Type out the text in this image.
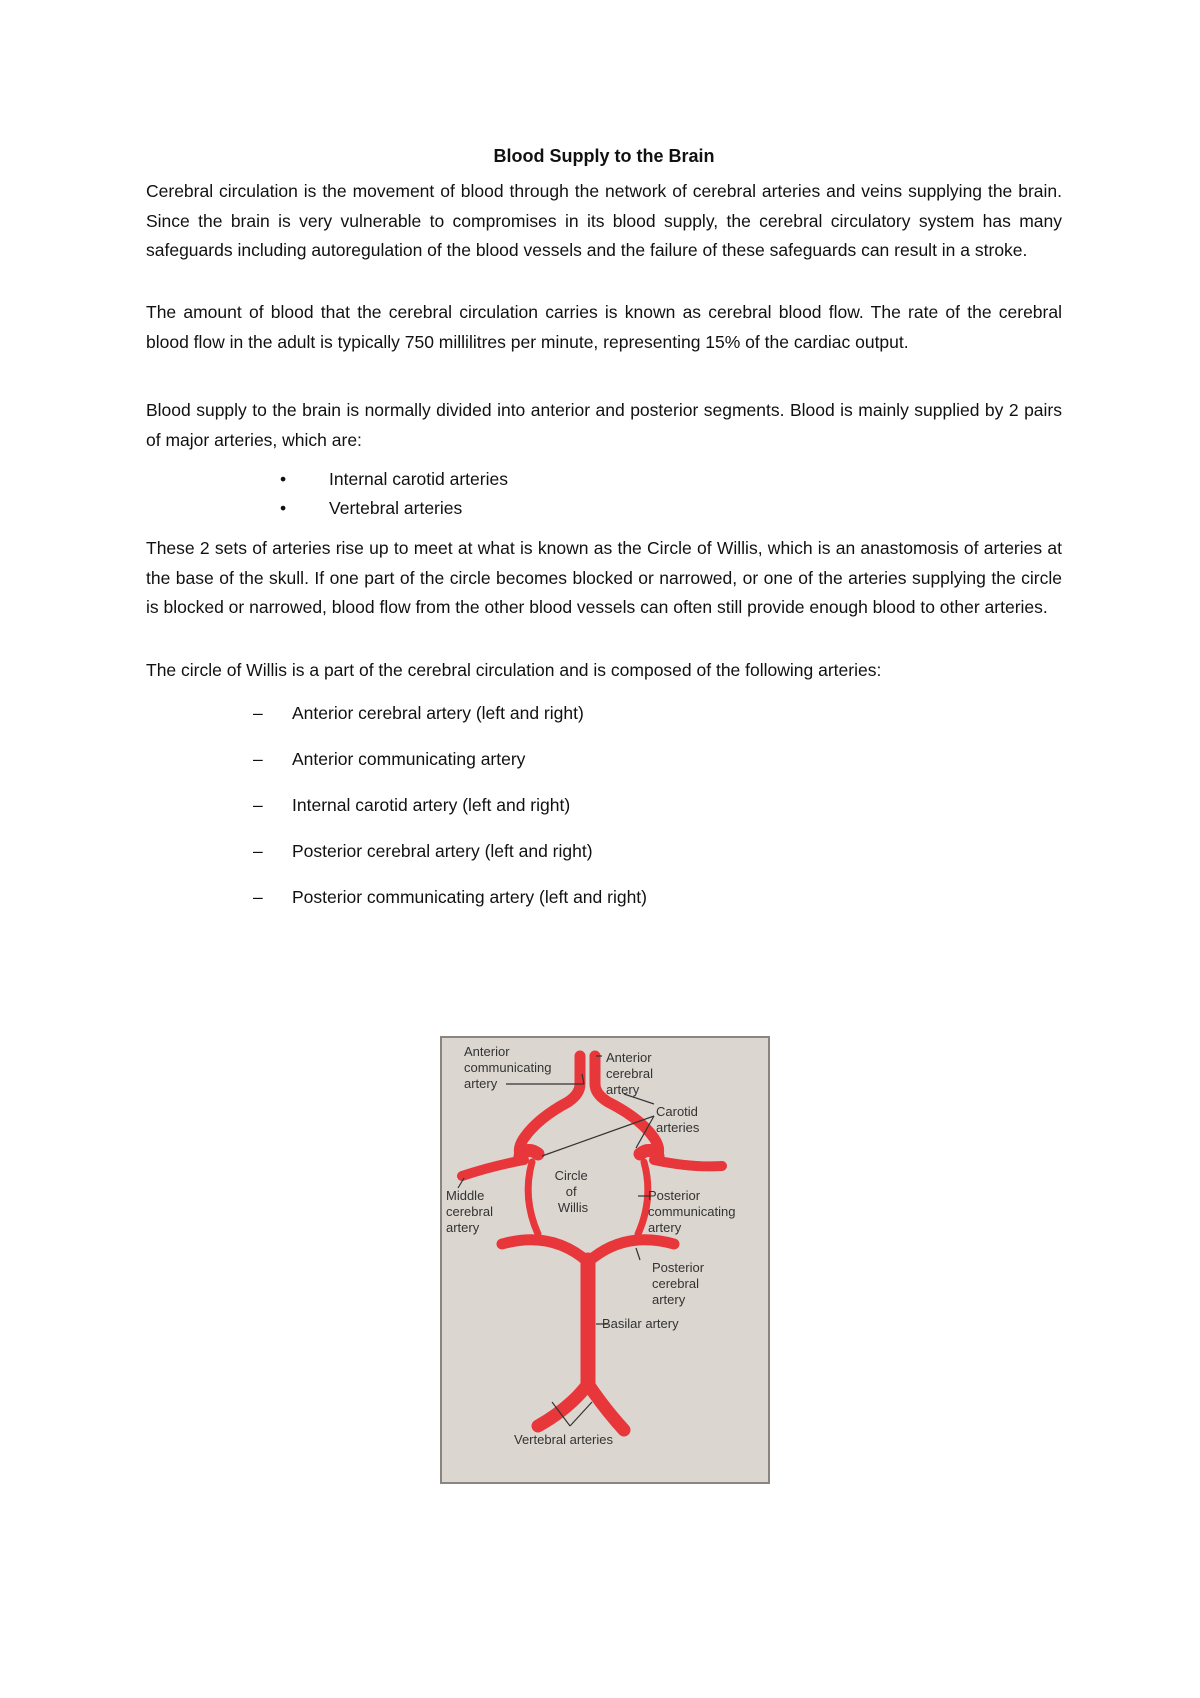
Blood Supply to the Brain

Cerebral circulation is the movement of blood through the network of cerebral arteries and veins supplying the brain. Since the brain is very vulnerable to compromises in its blood supply, the cerebral circulatory system has many safeguards including autoregulation of the blood vessels and the failure of these safeguards can result in a stroke.

The amount of blood that the cerebral circulation carries is known as cerebral blood flow. The rate of the cerebral blood flow in the adult is typically 750 millilitres per minute, representing 15% of the cardiac output.

Blood supply to the brain is normally divided into anterior and posterior segments. Blood is mainly supplied by 2 pairs of major arteries, which are:

• Internal carotid arteries
• Vertebral arteries

These 2 sets of arteries rise up to meet at what is known as the Circle of Willis, which is an anastomosis of arteries at the base of the skull. If one part of the circle becomes blocked or narrowed, or one of the arteries supplying the circle is blocked or narrowed, blood flow from the other blood vessels can often still provide enough blood to other arteries.

The circle of Willis is a part of the cerebral circulation and is composed of the following arteries:

– Anterior cerebral artery (left and right)
– Anterior communicating artery
– Internal carotid artery (left and right)
– Posterior cerebral artery (left and right)
– Posterior communicating artery (left and right)
Anterior communicating artery
Anterior cerebral artery
Carotid arteries
Circle of Willis
Middle cerebral artery
Posterior communicating artery
Posterior cerebral artery
Basilar artery
Vertebral arteries
